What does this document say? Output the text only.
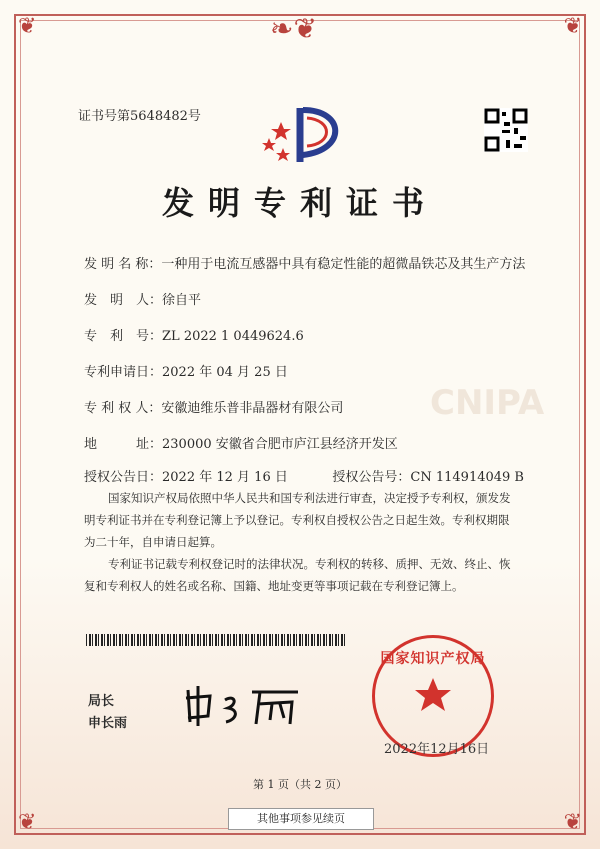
❦	❦
❦	❦
❧❦
CNIPA
证书号第5648482号
发明专利证书
发 明 名 称：一种用于电流互感器中具有稳定性能的超微晶铁芯及其生产方法
发　明　人：徐自平
专　利　号：ZL 2022 1 0449624.6
专利申请日：2022 年 04 月 25 日
专 利 权 人：安徽迪维乐普非晶器材有限公司
地　　　址：230000 安徽省合肥市庐江县经济开发区
授权公告日：2022 年 12 月 16 日	授权公告号：CN 114914049 B

国家知识产权局依照中华人民共和国专利法进行审查，决定授予专利权，颁发发明专利证书并在专利登记簿上予以登记。专利权自授权公告之日起生效。专利权期限为二十年，自申请日起算。

专利证书记载专利权登记时的法律状况。专利权的转移、质押、无效、终止、恢复和专利权人的姓名或名称、国籍、地址变更等事项记载在专利登记簿上。

局长
申长雨
国家知识产权局
2022年12月16日
第 1 页（共 2 页）
其他事项参见续页
